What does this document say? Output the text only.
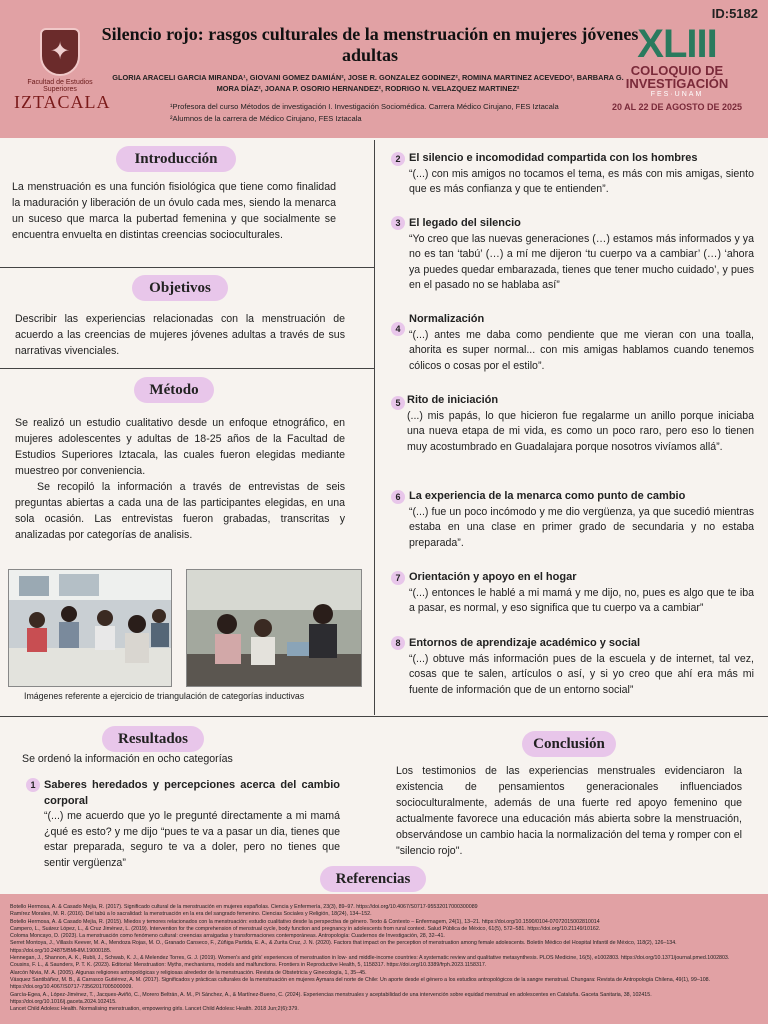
ID:5182
✦
Facultad de Estudios Superiores
IZTACALA
Silencio rojo: rasgos culturales de la menstruación en mujeres jóvenes adultas
GLORIA ARACELI GARCIA MIRANDA¹, GIOVANI GOMEZ DAMIÁN², JOSE R. GONZALEZ GODINEZ², ROMINA MARTINEZ ACEVEDO², BARBARA G. MORA DÍAZ², JOANA P. OSORIO HERNANDEZ², RODRIGO N. VELAZQUEZ MARTINEZ²
¹Profesora del curso Métodos de investigación I. Investigación Sociomédica. Carrera Médico Cirujano, FES Iztacala
²Alumnos de la carrera de Médico Cirujano, FES Iztacala
XLIII
COLOQUIO DE
INVESTIGACIÓN
FES·UNAM
20 AL 22 DE AGOSTO DE 2025
Introducción
La menstruación es una función fisiológica que tiene como finalidad la maduración y liberación de un óvulo cada mes, siendo la menarca un suceso que marca la pubertad femenina y que socialmente se encuentra envuelta en distintas creencias socioculturales.
Objetivos
Describir las experiencias relacionadas con la menstruación de acuerdo a las creencias de mujeres jóvenes adultas a través de sus narrativas vivenciales.
Método

Se realizó un estudio cualitativo desde un enfoque etnográfico, en mujeres adolescentes y adultas de 18-25 años de la Facultad de Estudios Superiores Iztacala, las cuales fueron elegidas mediante muestreo por conveniencia.

Se recopiló la información a través de entrevistas de seis preguntas abiertas a cada una de las participantes elegidas, en una sola ocasión. Las entrevistas fueron grabadas, transcritas y analizadas por categorías de analisis.

Imágenes referente a ejercicio de triangulación de categorías inductivas
2 El silencio e incomodidad compartida con los hombres
“(...) con mis amigos no tocamos el tema, es más con mis amigas, siento que es más confianza y que te entienden”.
3 El legado del silencio
“Yo creo que las nuevas generaciones (…) estamos más informados y ya no es tan ‘tabú’ (…) a mí me dijeron ‘tu cuerpo va a cambiar’ (…) ‘ahora ya puedes quedar embarazada, tienes que tener mucho cuidado’, y pues en el pasado no se hablaba así”
4
Normalización
“(...) antes me daba como pendiente que me vieran con una toalla, ahorita es super normal... con mis amigas hablamos cuando tenemos cólicos o cosas por el estilo”.
5 Rito de iniciación
(...) mis papás, lo que hicieron fue regalarme un anillo porque iniciaba una nueva etapa de mi vida, es como un poco raro, pero eso lo tienen muy acostumbrado en Guadalajara porque nosotros vivíamos allá”.
6 La experiencia de la menarca como punto de cambio
“(...) fue un poco incómodo y me dio vergüenza, ya que sucedió mientras estaba en una clase en primer grado de secundaria y no estaba preparada”.
7 Orientación y apoyo en el hogar
“(...) entonces le hablé a mi mamá y me dijo, no, pues es algo que te iba a pasar, es normal, y eso significa que tu cuerpo va a cambiar”
8 Entornos de aprendizaje académico y social
“(...) obtuve más información pues de la escuela y de internet, tal vez, cosas que te salen, artículos o así, y si yo creo que ahí era más mi fuente de información que de un entorno social”
Resultados
Se ordenó la información en ocho categorías
1 Saberes heredados y percepciones acerca del cambio corporal
“(...) me acuerdo que yo le pregunté directamente a mi mamá ¿qué es esto? y me dijo “pues te va a pasar un dia, tienes que estar preparada, seguro te va a doler, pero no tienes que sentir vergüenza”
Conclusión
Los testimonios de las experiencias menstruales evidenciaron la existencia de pensamientos generacionales influenciados socioculturalmente, además de una fuerte red apoyo femenino que actualmente favorece una educación más abierta sobre la menstruación, observándose un cambio hacia la normalización del tema y romper con el "silencio rojo".

Botello Hermosa, A. & Casado Mejía, R. (2017). Significado cultural de la menstruación en mujeres españolas. Ciencia y Enfermería, 23(3), 89–97. https://doi.org/10.4067/S0717-95532017000300089

Ramírez Morales, M. R. (2016). Del tabú a lo sacralidad: la menstruación en la era del sangrado femenino. Ciencias Sociales y Religión, 18(24), 134–152.

Botello Hermosa, A. & Casado Mejía, R. (2015). Miedos y temores relacionados con la menstruación: estudio cualitativo desde la perspectiva de género. Texto & Contexto – Enfermagem, 24(1), 13–21. https://doi.org/10.1590/0104-07072015002810014

Campero, L., Suárez López, L., & Cruz Jiménez, L. (2019). Intervention for the comprehension of menstrual cycle, body function and pregnancy in adolescents from rural context. Salud Pública de México, 61(5), 572–581. https://doi.org/10.21149/10162.

Coloma Moncayo, D. (2023). La menstruación como fenómeno cultural: creencias arraigadas y transformaciones contemporáneas. Antropología: Cuadernos de Investigación, 28, 32–41.

Serret Montoya, J., Villasís Keever, M. A., Mendoza Rojas, M. O., Granado Canseco, F., Zúñiga Partida, E. A., & Zurita Cruz, J. N. (2020). Factors that impact on the perception of menstruation among female adolescents. Boletín Médico del Hospital Infantil de México, 118(2), 126–134. https://doi.org/10.24875/BMHIM.19000185.

Hennegan, J., Shannon, A. K., Rubli, J., Schwab, K. J., & Melendez Torres, G. J. (2019). Women's and girls' experiences of menstruation in low- and middle-income countries: A systematic review and qualitative metasynthesis. PLOS Medicine, 16(5), e1002803. https://doi.org/10.1371/journal.pmed.1002803.

Cousins, F. L., & Saunders, P. T. K. (2023). Editorial: Menstruation: Myths, mechanisms, models and malfunctions. Frontiers in Reproductive Health, 5, 1158317. https://doi.org/10.3389/frph.2023.1158317.

Alarcón Nivia, M. A. (2005). Algunas religiones antropológicas y religiosas alrededor de la menstruación. Revista de Obstetricia y Ginecología, 1, 35–45.

Vásquez Santibáñez, M. B., & Carrasco Gutiérrez, A. M. (2017). Significados y prácticas culturales de la menstruación en mujeres Aymara del norte de Chile: Un aporte desde el género a los estudios antropológicos de la sangre menstrual. Chungara: Revista de Antropología Chilena, 49(1), 99–108. https://doi.org/10.4067/S0717-73562017005000009.

García-Egea, A., López-Jiménez, T., Jacques-Aviñó, C., Morero Beltrán, A. M., Pi Sánchez, A., & Martínez-Bueno, C. (2024). Experiencias menstruales y aceptabilidad de una intervención sobre equidad menstrual en adolescentes en Cataluña. Gaceta Sanitaria, 38, 102415. https://doi.org/10.1016/j.gaceta.2024.102415.

Lancet Child Adolesc Health. Normalising menstruation, empowering girls. Lancet Child Adolesc Health. 2018 Jun;2(6):379.

Referencias
